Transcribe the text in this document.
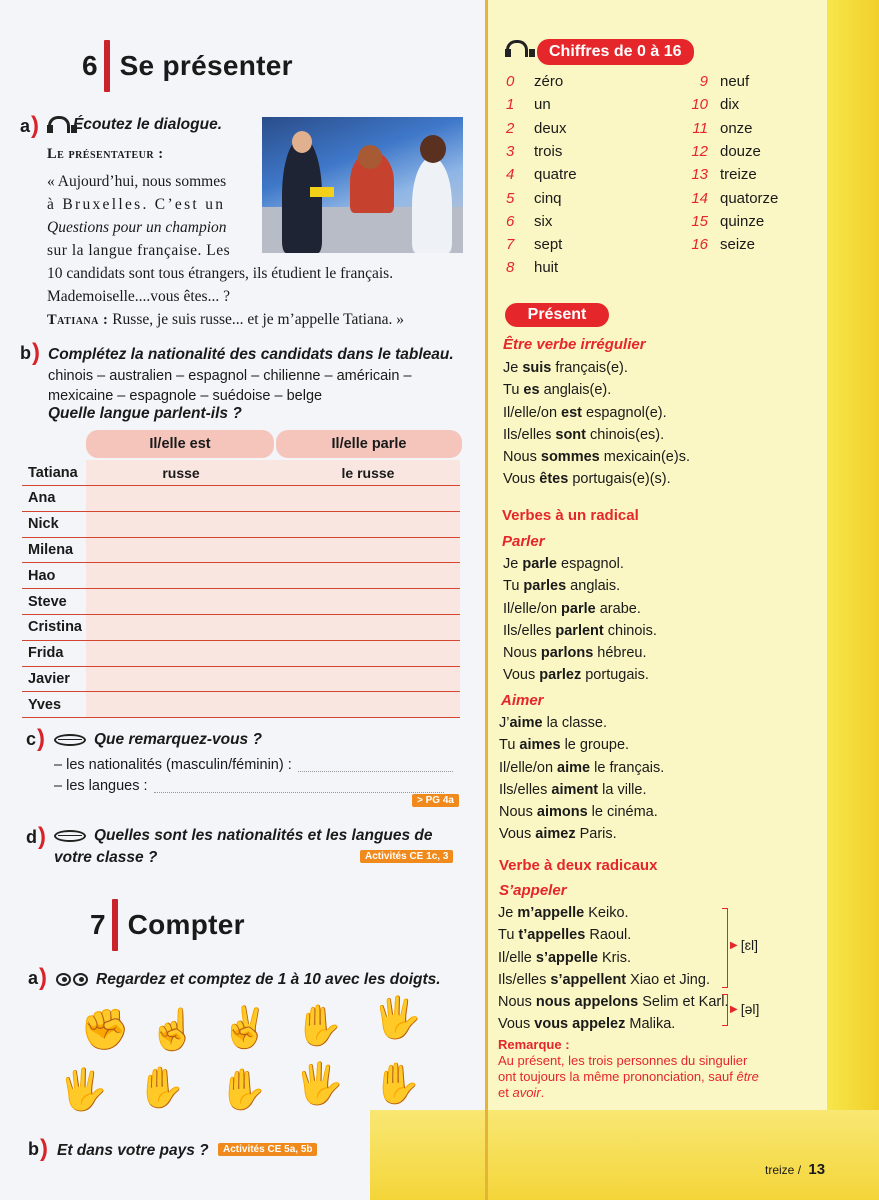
6 Se présenter
a ) Écoutez le dialogue.
Le présentateur :
« Aujourd’hui, nous sommes
à Bruxelles. C’est un
Questions pour un champion
sur la langue française. Les
10 candidats sont tous étrangers, ils étudient le français.
Mademoiselle....vous êtes... ?
Tatiana : Russe, je suis russe... et je m’appelle Tatiana. »
b ) Complétez la nationalité des candidats dans le tableau.
chinois – australien – espagnol – chilienne – américain –
mexicaine – espagnole – suédoise – belge
Quelle langue parlent-ils ?
Il/elle est	Il/elle parle
Tatiana	russe	le russe
Ana
Nick
Milena
Hao
Steve
Cristina
Frida
Javier
Yves
c )	Que remarquez-vous ?
– les nationalités (masculin/féminin) :
– les langues :
> PG 4a
d )	Quelles sont les nationalités et les langues de
votre classe ?	Activités CE 1c, 3
7 Compter
a )	Regardez et comptez de 1 à 10 avec les doigts.
✊ ☝ ✌ ✋ 🖐
🖐 ✋ ✋ 🖐 ✋
b ) Et dans votre pays ?	Activités CE 5a, 5b
Chiffres de 0 à 16
0	zéro
1	un
2	deux
3	trois
4	quatre
5	cinq
6	six
7	sept
8	huit
9 neuf
10 dix
11 onze
12 douze
13 treize
14 quatorze
15 quinze
16 seize
Présent
Être verbe irrégulier
Je suis français(e).
Tu es anglais(e).
Il/elle/on est espagnol(e).
Ils/elles sont chinois(es).
Nous sommes mexicain(e)s.
Vous êtes portugais(e)(s).
Verbes à un radical
Parler
Je parle espagnol.
Tu parles anglais.
Il/elle/on parle arabe.
Ils/elles parlent chinois.
Nous parlons hébreu.
Vous parlez portugais.
Aimer
J’aime la classe.
Tu aimes le groupe.
Il/elle/on aime le français.
Ils/elles aiment la ville.
Nous aimons le cinéma.
Vous aimez Paris.
Verbe à deux radicaux
S’appeler
Je m’appelle Keiko.
Tu t’appelles Raoul.
Il/elle s’appelle Kris.
Ils/elles s’appellent Xiao et Jing.
Nous nous appelons Selim et Karl.
Vous vous appelez Malika.
▶ [ɛl]
▶ [əl]
Remarque :
Au présent, les trois personnes du singulier
ont toujours la même prononciation, sauf être
et avoir.
treize / 13
